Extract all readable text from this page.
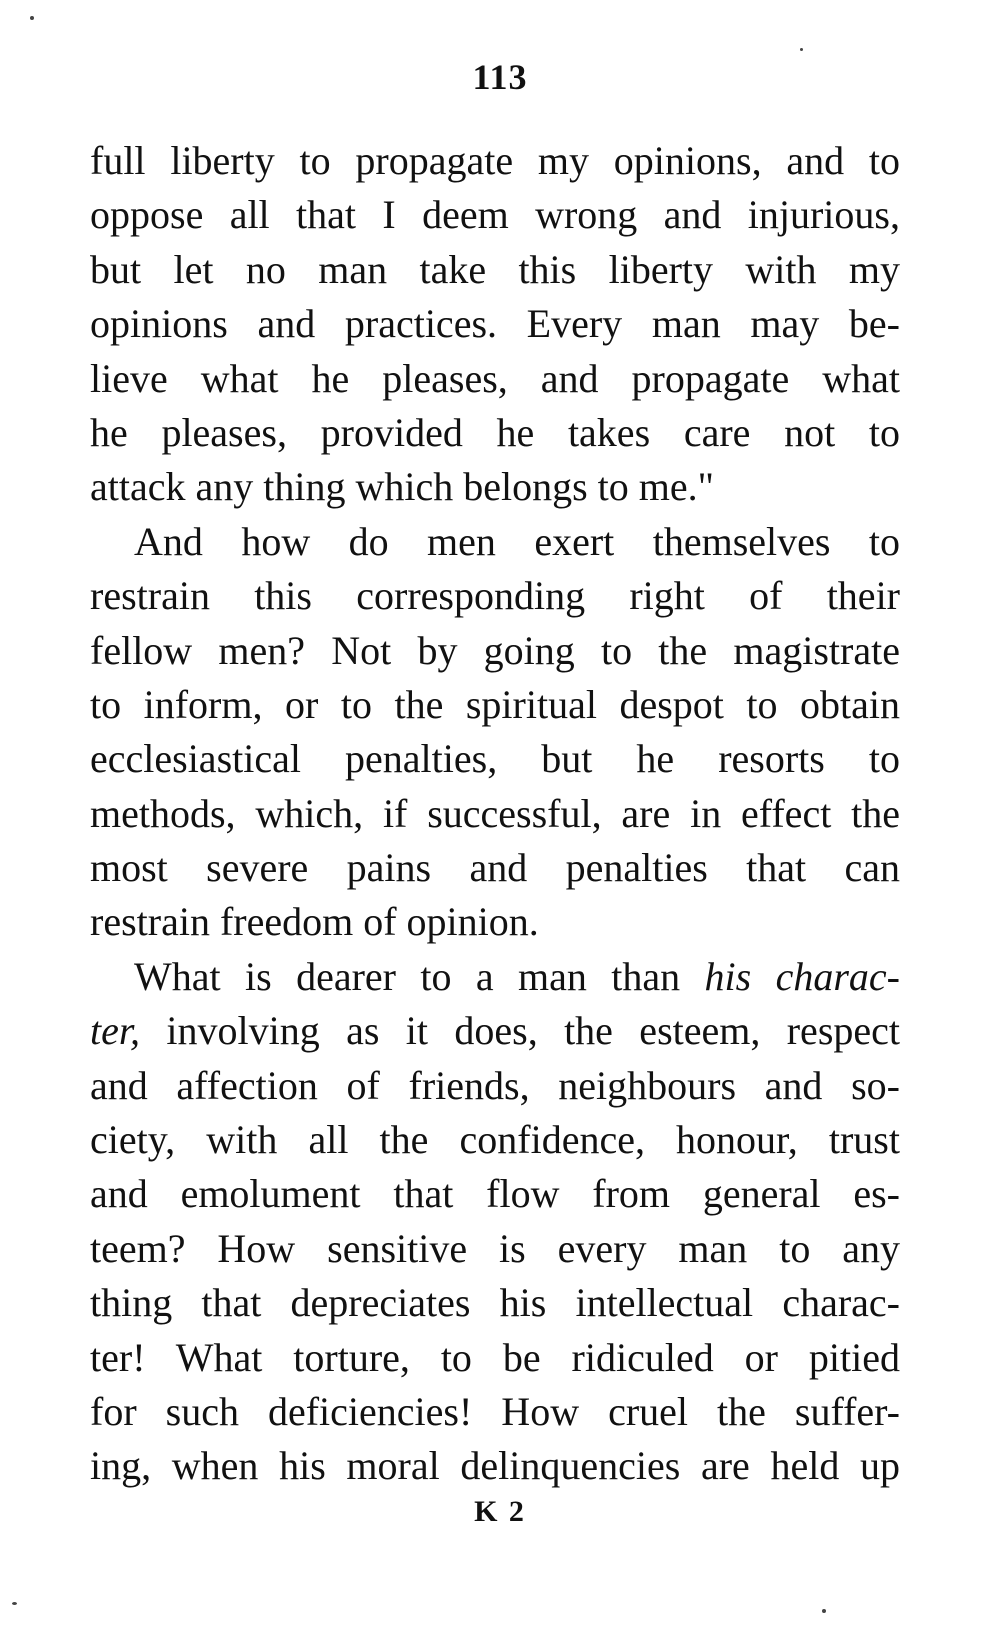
113
full liberty to propagate my opinions, and to
oppose all that I deem wrong and injurious,
but let no man take this liberty with my
opinions and practices. Every man may be-
lieve what he pleases, and propagate what
he pleases, provided he takes care not to
attack any thing which belongs to me."
And how do men exert themselves to
restrain this corresponding right of their
fellow men? Not by going to the magistrate
to inform, or to the spiritual despot to obtain
ecclesiastical penalties, but he resorts to
methods, which, if successful, are in effect the
most severe pains and penalties that can
restrain freedom of opinion.
What is dearer to a man than his charac-
ter, involving as it does, the esteem, respect
and affection of friends, neighbours and so-
ciety, with all the confidence, honour, trust
and emolument that flow from general es-
teem? How sensitive is every man to any
thing that depreciates his intellectual charac-
ter! What torture, to be ridiculed or pitied
for such deficiencies! How cruel the suffer-
ing, when his moral delinquencies are held up
K 2
